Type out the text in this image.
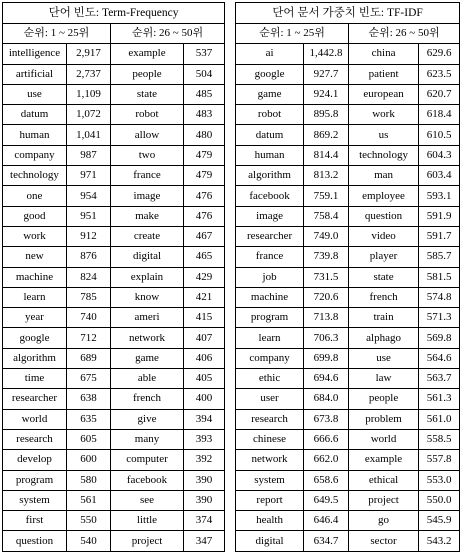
단어 빈도: Term-Frequency			
순위: 1 ~ 25위		순위: 26 ~ 50위	
intelligence	2,917	example	537
artificial	2,737	people	504
use	1,109	state	485
datum	1,072	robot	483
human	1,041	allow	480
company	987	two	479
technology	971	france	479
one	954	image	476
good	951	make	476
work	912	create	467
new	876	digital	465
machine	824	explain	429
learn	785	know	421
year	740	ameri	415
google	712	network	407
algorithm	689	game	406
time	675	able	405
researcher	638	french	400
world	635	give	394
research	605	many	393
develop	600	computer	392
program	580	facebook	390
system	561	see	390
first	550	little	374
question	540	project	347
단어 문서 가중치 빈도: TF-IDF			
순위: 1 ~ 25위		순위: 26 ~ 50위	
ai	1,442.8	china	629.6
google	927.7	patient	623.5
game	924.1	european	620.7
robot	895.8	work	618.4
datum	869.2	us	610.5
human	814.4	technology	604.3
algorithm	813.2	man	603.4
facebook	759.1	employee	593.1
image	758.4	question	591.9
researcher	749.0	video	591.7
france	739.8	player	585.7
job	731.5	state	581.5
machine	720.6	french	574.8
program	713.8	train	571.3
learn	706.3	alphago	569.8
company	699.8	use	564.6
ethic	694.6	law	563.7
user	684.0	people	561.3
research	673.8	problem	561.0
chinese	666.6	world	558.5
network	662.0	example	557.8
system	658.6	ethical	553.0
report	649.5	project	550.0
health	646.4	go	545.9
digital	634.7	sector	543.2
